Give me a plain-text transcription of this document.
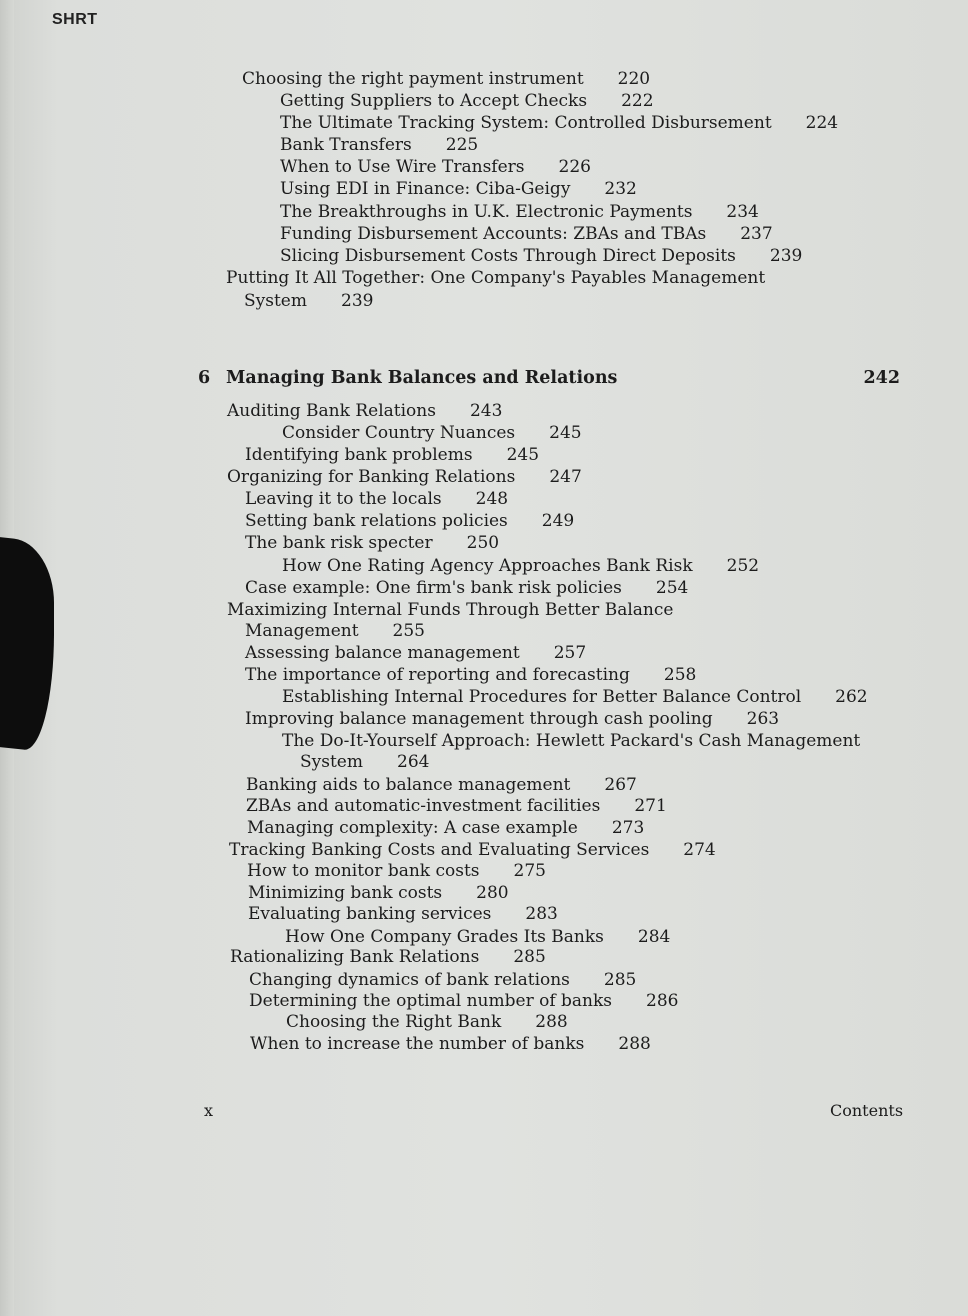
SHRT
Choosing the right payment instrument 220
Getting Suppliers to Accept Checks 222
The Ultimate Tracking System: Controlled Disbursement 224
Bank Transfers 225
When to Use Wire Transfers 226
Using EDI in Finance: Ciba-Geigy 232
The Breakthroughs in U.K. Electronic Payments 234
Funding Disbursement Accounts: ZBAs and TBAs 237
Slicing Disbursement Costs Through Direct Deposits 239
Putting It All Together: One Company's Payables Management
System 239
6 Managing Bank Balances and Relations	242
Auditing Bank Relations 243
Consider Country Nuances 245
Identifying bank problems 245
Organizing for Banking Relations 247
Leaving it to the locals 248
Setting bank relations policies 249
The bank risk specter 250
How One Rating Agency Approaches Bank Risk 252
Case example: One firm's bank risk policies 254
Maximizing Internal Funds Through Better Balance
Management 255
Assessing balance management 257
The importance of reporting and forecasting 258
Establishing Internal Procedures for Better Balance Control 262
Improving balance management through cash pooling 263
The Do-It-Yourself Approach: Hewlett Packard's Cash Management
System 264
Banking aids to balance management 267
ZBAs and automatic-investment facilities 271
Managing complexity: A case example 273
Tracking Banking Costs and Evaluating Services 274
How to monitor bank costs 275
Minimizing bank costs 280
Evaluating banking services 283
How One Company Grades Its Banks 284
Rationalizing Bank Relations 285
Changing dynamics of bank relations 285
Determining the optimal number of banks 286
Choosing the Right Bank 288
When to increase the number of banks 288
x	Contents
